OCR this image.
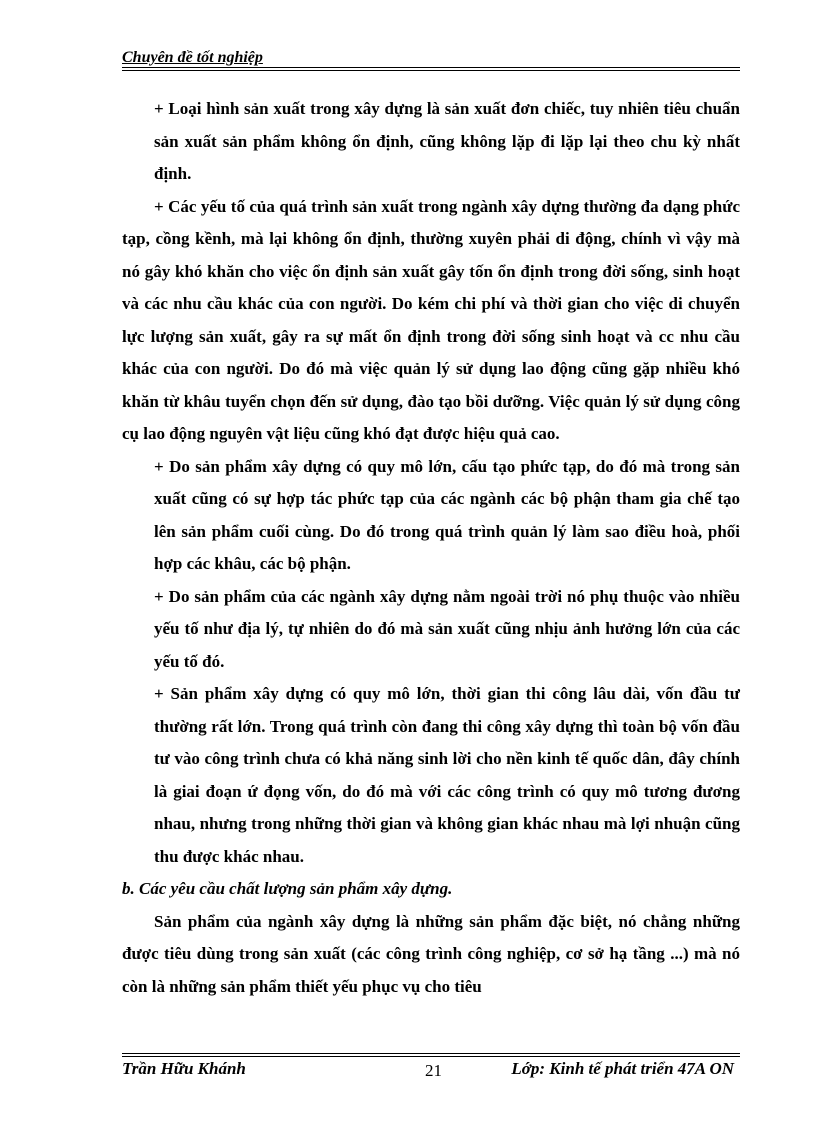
Chuyên đề tốt nghiệp

+ Loại hình sản xuất trong xây dựng là sản xuất đơn chiếc, tuy nhiên tiêu chuẩn sản xuất sản phẩm không ổn định, cũng không lặp đi lặp lại theo chu kỳ nhất định.

+ Các yếu tố của quá trình sản xuất trong ngành xây dựng thường đa dạng phức tạp, cồng kềnh, mà lại không ổn định, thường xuyên phải di động, chính vì vậy mà nó gây khó khăn cho việc ổn định sản xuất gây tốn ổn định trong đời sống, sinh hoạt và các nhu cầu khác của con người. Do kém chi phí và thời gian cho việc di chuyển lực lượng sản xuất, gây ra sự mất ổn định trong đời sống sinh hoạt và cc nhu cầu khác của con người. Do đó mà việc quản lý sử dụng lao động cũng gặp nhiều khó khăn từ khâu tuyển chọn đến sử dụng, đào tạo bồi dưỡng. Việc quản lý sử dụng công cụ lao động nguyên vật liệu cũng khó đạt được hiệu quả cao.

+ Do sản phẩm xây dựng có quy mô lớn, cấu tạo phức tạp, do đó mà trong sản xuất cũng có sự hợp tác phức tạp của các ngành các bộ phận tham gia chế tạo lên sản phẩm cuối cùng. Do đó trong quá trình quản lý làm sao điều hoà, phối hợp các khâu, các bộ phận.

+ Do sản phẩm của các ngành xây dựng nằm ngoài trời nó phụ thuộc vào nhiều yếu tố như địa lý, tự nhiên do đó mà sản xuất cũng nhịu ảnh hưởng lớn của các yếu tố đó.

+ Sản phẩm xây dựng có quy mô lớn, thời gian thi công lâu dài, vốn đầu tư thường rất lớn. Trong quá trình còn đang thi công xây dựng thì toàn bộ vốn đầu tư vào công trình chưa có khả năng sinh lời cho nền kinh tế quốc dân, đây chính là giai đoạn ứ đọng vốn, do đó mà với các công trình có quy mô tương đương nhau, nhưng trong những thời gian và không gian khác nhau mà lợi nhuận cũng thu được khác nhau.

b. Các yêu cầu chất lượng sản phẩm xây dựng.

Sản phẩm của ngành xây dựng là những sản phẩm đặc biệt, nó chẳng những được tiêu dùng trong sản xuất (các công trình công nghiệp, cơ sở hạ tầng ...) mà nó còn là những sản phẩm thiết yếu phục vụ cho tiêu

Trần Hữu Khánh	21	Lớp: Kinh tế phát triển 47A ON
